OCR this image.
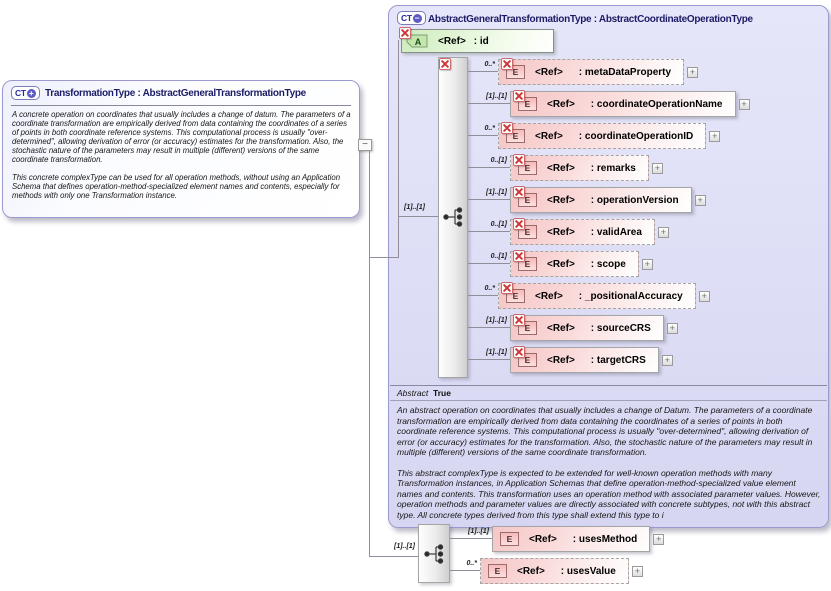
CT − AbstractGeneralTransformationType : AbstractCoordinateOperationType
A <Ref> : id
Abstract True

An abstract operation on coordinates that usually includes a change of Datum. The parameters of a coordinate transformation are empirically derived from data containing the coordinates of a series of points in both coordinate reference systems. This computational process is usually "over-determined", allowing derivation of error (or accuracy) estimates for the transformation. Also, the stochastic nature of the parameters may result in multiple (different) versions of the same coordinate transformation.

This abstract complexType is expected to be extended for well-known operation methods with many Transformation instances, in Application Schemas that define operation-method-specialized value element names and contents. This transformation uses an operation method with associated parameter values. However, operation methods and parameter values are directly associated with concrete subtypes, not with this abstract type. All concrete types derived from this type shall extend this type to i

CT + TransformationType : AbstractGeneralTransformationType

A concrete operation on coordinates that usually includes a change of datum. The parameters of a coordinate transformation are empirically derived from data containing the coordinates of a series of points in both coordinate reference systems. This computational process is usually "over-determined", allowing derivation of error (or accuracy) estimates for the transformation. Also, the stochastic nature of the parameters may result in multiple (different) versions of the same coordinate transformation.

This concrete complexType can be used for all operation methods, without using an Application Schema that defines operation-method-specialized element names and contents, especially for methods with only one Transformation instance.

−
[1]..[1]
[1]..[1]
0..*
E	<Ref> : metaDataProperty	+
[1]..[1]
E	<Ref> : coordinateOperationName	+
0..*
E	<Ref> : coordinateOperationID	+
0..[1]
E	<Ref> : remarks	+
[1]..[1]
E	<Ref> : operationVersion	+
0..[1]
E	<Ref> : validArea	+
0..[1]
E	<Ref> : scope	+
0..*
E	<Ref> : _positionalAccuracy	+
[1]..[1]
E	<Ref> : sourceCRS	+
[1]..[1]
E	<Ref> : targetCRS	+
[1]..[1]
E	<Ref> : usesMethod	+
0..*
E	<Ref> : usesValue	+
